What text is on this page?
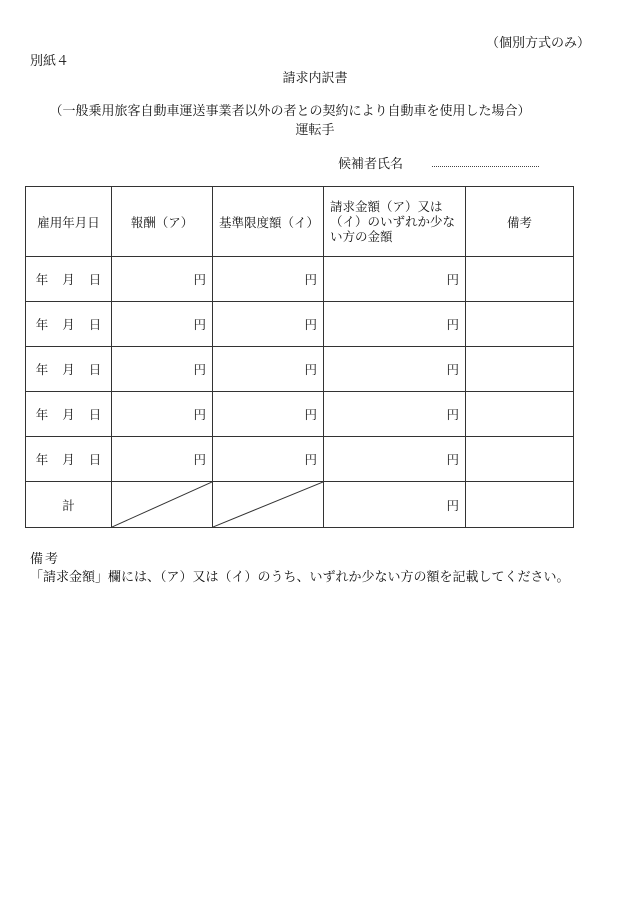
（個別方式のみ）
別紙４
請求内訳書
（一般乗用旅客自動車運送事業者以外の者との契約により自動車を使用した場合）
運転手
候補者氏名
雇用年月日	報酬（ア）	基準限度額（イ）	請求金額（ア）又は（イ）のいずれか少ない方の金額	備考
年 月 日	円	円	円	
年 月 日	円	円	円	
年 月 日	円	円	円	
年 月 日	円	円	円	
年 月 日	円	円	円	
計			円	
備考
「請求金額」欄には、（ア）又は（イ）のうち、いずれか少ない方の額を記載してください。
